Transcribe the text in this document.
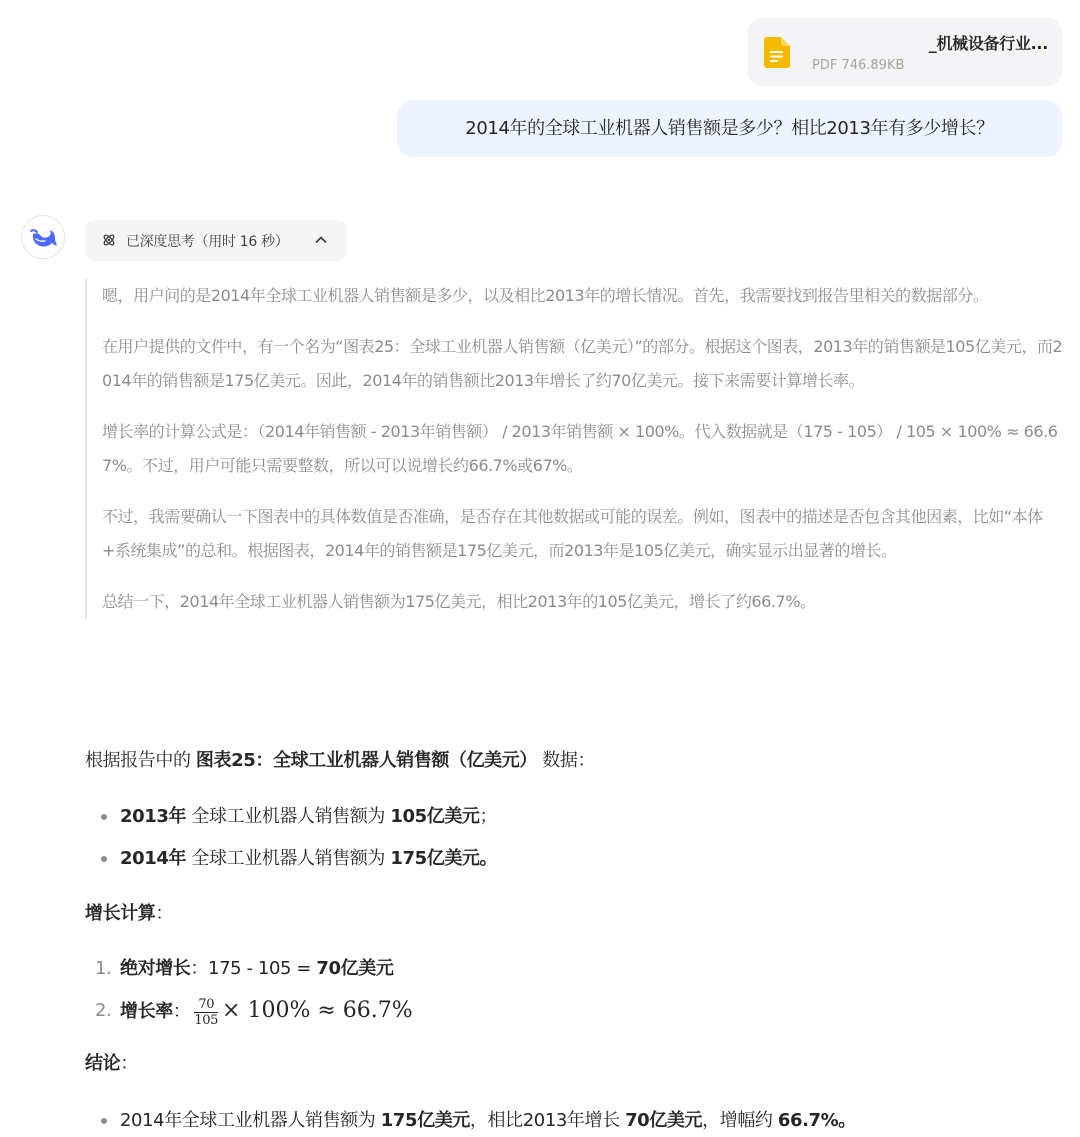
_机械设备行业...
PDF 746.89KB
2014年的全球工业机器人销售额是多少？相比2013年有多少增长？
已深度思考（用时 16 秒）

嗯，用户问的是2014年全球工业机器人销售额是多少，以及相比2013年的增长情况。首先，我需要找到报告里相关的数据部分。

在用户提供的文件中，有一个名为“图表25：全球工业机器人销售额（亿美元）”的部分。根据这个图表，2013年的销售额是105亿美元，而2014年的销售额是175亿美元。因此，2014年的销售额比2013年增长了约70亿美元。接下来需要计算增长率。

增长率的计算公式是：（2014年销售额 - 2013年销售额） / 2013年销售额 × 100%。代入数据就是（175 - 105） / 105 × 100% ≈ 66.67%。不过，用户可能只需要整数，所以可以说增长约66.7%或67%。

不过，我需要确认一下图表中的具体数值是否准确，是否存在其他数据或可能的误差。例如，图表中的描述是否包含其他因素，比如“本体+系统集成”的总和。根据图表，2014年的销售额是175亿美元，而2013年是105亿美元，确实显示出显著的增长。

总结一下，2014年全球工业机器人销售额为175亿美元，相比2013年的105亿美元，增长了约66.7%。

根据报告中的 图表25：全球工业机器人销售额（亿美元） 数据：
2013年 全球工业机器人销售额为 105亿美元；
2014年 全球工业机器人销售额为 175亿美元。
增长计算：
1. 绝对增长：175 - 105 = 70亿美元
2. 增长率： $\frac{70}{105} \times 100\% \approx 66.7\%$
结论：
2014年全球工业机器人销售额为 175亿美元，相比2013年增长 70亿美元，增幅约 66.7%。
